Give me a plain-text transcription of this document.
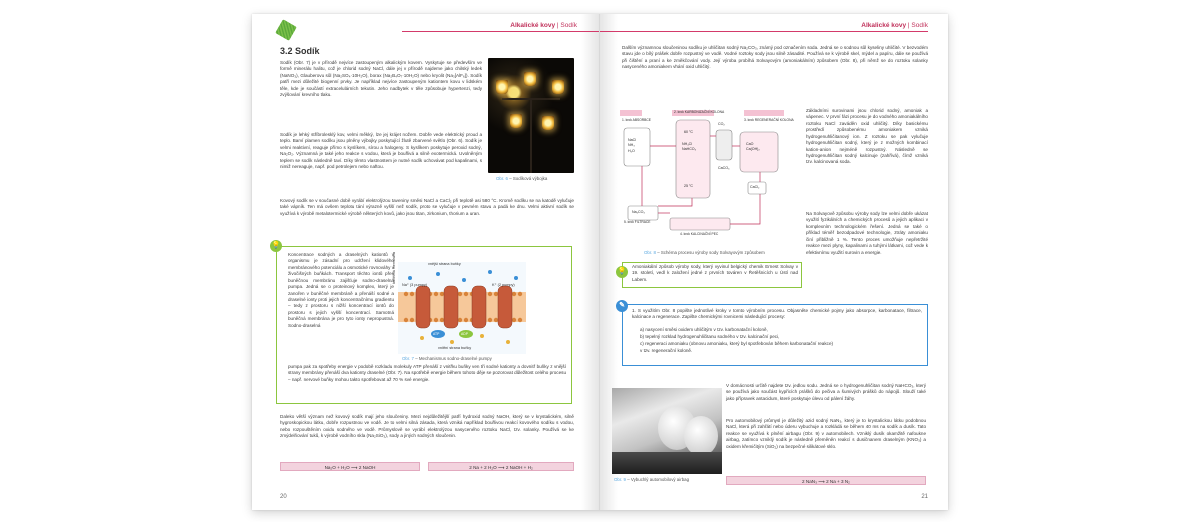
Alkalické kovy | Sodík
3.2 Sodík
Sodík (Obr. 7) je v přírodě nejvíce zastoupeným alkalickým kovem. Vyskytuje se především ve formě minerálu halitu, což je chlorid sodný NaCl, dále jej v přírodě najdeme jako chilský ledek (NaNO₃), Glauberovu sůl (Na₂SO₄·10H₂O), borax (Na₂B₄O₇·10H₂O) nebo kryolit (Na₃[AlF₆]). Sodík patří mezi důležité biogenní prvky. Je například nejvíce zastoupeným kationtem kovu v lidském těle, kde je součástí extracelulárních tekutin. Jeho nadbytek v těle způsobuje hypertenzi, tedy zvýšování krevního tlaku.
Sodík je lehký stříbrolesklý kov, velmi měkký, lze jej krájet nožem. Dobře vede elektrický proud a teplo. Barví plamen sodíku jsou plněny výbojky poskytující žlutě zbarvené světlo (Obr. 6). Sodík je velmi reaktivní, reaguje přímo s kyslíkem, sírou a halogeny. S kyslíkem poskytuje peroxid sodný, Na₂O₂. Významná je také jeho reakce s vodou, která je bouřlivá a silně exotermická. Uvolněným teplem se sodík následně taví. Díky těmto vlastnostem je nutné sodík uchovávat pod kapalinami, s nimiž nereaguje, např. pod petrolejem nebo naftou.
Obr. 6 – Sodíková výbojka
Kovový sodík se v současné době vyrábí elektrolýzou taveniny směsi NaCl a CaCl₂ při teplotě asi 580 °C. Kromě sodíku se na katodě vylučuje také vápník. Ten má ovšem teplotu tání výrazně vyšší než sodík, proto se vylučuje v pevném stavu a padá ke dnu. Velmi aktivní sodík se využívá k výrobě metalotermické výrobě některých kovů, jako jsou titan, zirkonium, thorium a uran.
💡
Koncentrace sodných a draselných kationtů v organismu je zásadní pro udržení klidového membránového potenciálu a osmotické rovnováhy v živočišných buňkách. Transport těchto iontů přes buněčnou membránu zajišťuje sodno-draselná pumpa. Jedná se o proteinový komplex, který je zanořen v buněčné membráně a přenáší sodné a draselné ionty proti jejich koncentračnímu gradientu – tedy z prostoru s nižší koncentrací iontů do prostoru s jejich vyšší koncentrací. Samotná buněčná membrána je pro tyto ionty nepropustná. Sodno-draselná
vnější strana buňky
Na⁺ (3 pumpy)	K⁺ (2 pumpy)
ATP	ADP
vnitřní strana buňky
buněčná membrána
Obr. 7 – Mechanismus sodno-draselné pumpy
pumpa pak za spotřeby energie v podobě rozkladu molekuly ATP přenáší z vnitřku buňky ven tři sodné kationty a dovnitř buňky z vnější strany membrány přenáší dva kationty draselné (Obr. 7). Na spotřebě energie během tohoto děje se pozorovat důležitost celého procesu – např. nervové buňky mohou takto spotřebovat až 70 % své energie.
Daleko větší význam než kovový sodík mají jeho sloučeniny. Mezi nejdůležitější patří hydroxid sodný NaOH, který se v krystalickém, silně hygroskopickou látku, dobře rozpustnou ve vodě. Je to velmi silná zásada, která vzniká například bouřlivou reakcí kovového sodíku s vodou, nebo rozpouštěním oxidu sodného ve vodě. Průmyslově se vyrábí elektrolýzou nasyceného roztoku NaCl, tzv. solanky. Používá se ke zmýdelňování tuků, k výrobě vodního skla (Na₂SiO₃), sody a jiných sodných sloučenin.
Na₂O + H₂O ⟶ 2 NaOH	2 Na + 2 H₂O ⟶ 2 NaOH + H₂
20
Alkalické kovy | Sodík
Dalším významnou sloučeninou sodíku je uhličitan sodný Na₂CO₃, známý pod označením soda. Jedná se o sodnou sůl kyseliny uhličité. V bezvodém stavu jde o bílý prášek dobře rozpustný ve vodě. Vodné roztoky sody jsou silně zásadité. Používá se k výrobě skel, mýdel a papíru, dále se používá při čištění a praní a ke změkčování vody. Její výroba probíhá Solvayovým (amoniakálním) způsobem (Obr. 8), při němž se do roztoku solanky nasyceného amoniakem vhání oxid uhličitý.
1. krok ABSORBCE
2. krok KARBONIZAČNÍ KOLONA
3. krok REGENERAČNÍ KOLONA
4. krok KALCINAČNÍ PEC
5. krok FILTRACE
60 °C
25 °C
NaCl
NH₃
H₂O
NH₄Cl
NaHCO₃
CO₂
CaO
Ca(OH)₂
CaCO₃
CaCl₂
Na₂CO₃
Obr. 8 – Schéma procesu výroby sody Solvayovým způsobem
Základními surovinami jsou chlorid sodný, amoniak a vápenec. V první fázi procesu je do vodného amoniakálního roztoku NaCl zaváděn oxid uhličitý. Díky basickému prostředí způsobenému amoniakem vzniká hydrogenuhličitanový ion. Z roztoku se pak vylučuje hydrogenuhličitan sodný, který je z možných kombinací kation-anion nejméně rozpustný. Následně se hydrogenuhličitan sodný kalcinuje (zahřívá), čímž vzniká tzv. kalcinovaná soda.
Na Solvayově způsobu výroby sody lze velmi dobře ukázat využití fyzikálních a chemických procesů a jejich aplikaci v komplexním technologickém řešení. Jedná se také o příklad téměř bezodpadové technologie, ztráty amoniaku činí přibližně 1 %. Tento proces umožňuje nepřetržité reakce mezi plyny, kapalinami a tuhými látkami, což vede k efektivnímu využití surovin a energie.
💡
Amoniakální způsob výroby sody, který vyvinul belgický chemik Ernest Solvay v 19. století, vedl k založení jedné z prvních továren v Řetěšnicích u Ústí nad Labem.
✎
1. S využitím Obr. 8 popište jednotlivé kroky v tomto výrobním procesu. Objasněte chemické pojmy jako absorpce, karbonatace, filtrace, kalcinace a regenerace. Zapište chemickými rovnicemi následující procesy:
a) nasycení směsi oxidem uhličitým v tzv. karbonatační koloně,
b) tepelný rozklad hydrogenuhličitanu sodného v tzv. kalcinační peci,
c) regeneraci amoniaku (obnovu amoniaku, který byl spotřebován během karbonatační reakce)
v tzv. regenerační koloně.
Obr. 9 – Vybuchlý automobilový airbag
V domácnosti určitě najdete tzv. jedlou sodu. Jedná se o hydrogenuhličitan sodný NaHCO₃, který se používá jako součást kypřicích prášků do pečiva a šumivých prášků do nápojů. Slouží také jako přípravek antacidum, které poskytuje úlevu od pálení žáhy.
Pro automobilový průmysl je důležitý azid sodný NaN₃, který je to krystalickou látku podobnou NaCl, která při zahřátí nebo úderu vybuchuje a rozkládá se během 40 ms na sodík a dusík. Tato reakce se využívá k plnění airbagu (Obr. 9) v automobilech. Vzniklý dusík okamžitě nafoukne airbag, zatímco vzniklý sodík je následně přeměněn reakcí s dusičnanem draselným (KNO₃) a oxidem křemičitým (SiO₂) na bezpečné silikátové sklo.
2 NaN₃ ⟶ 2 Na + 3 N₂
21
